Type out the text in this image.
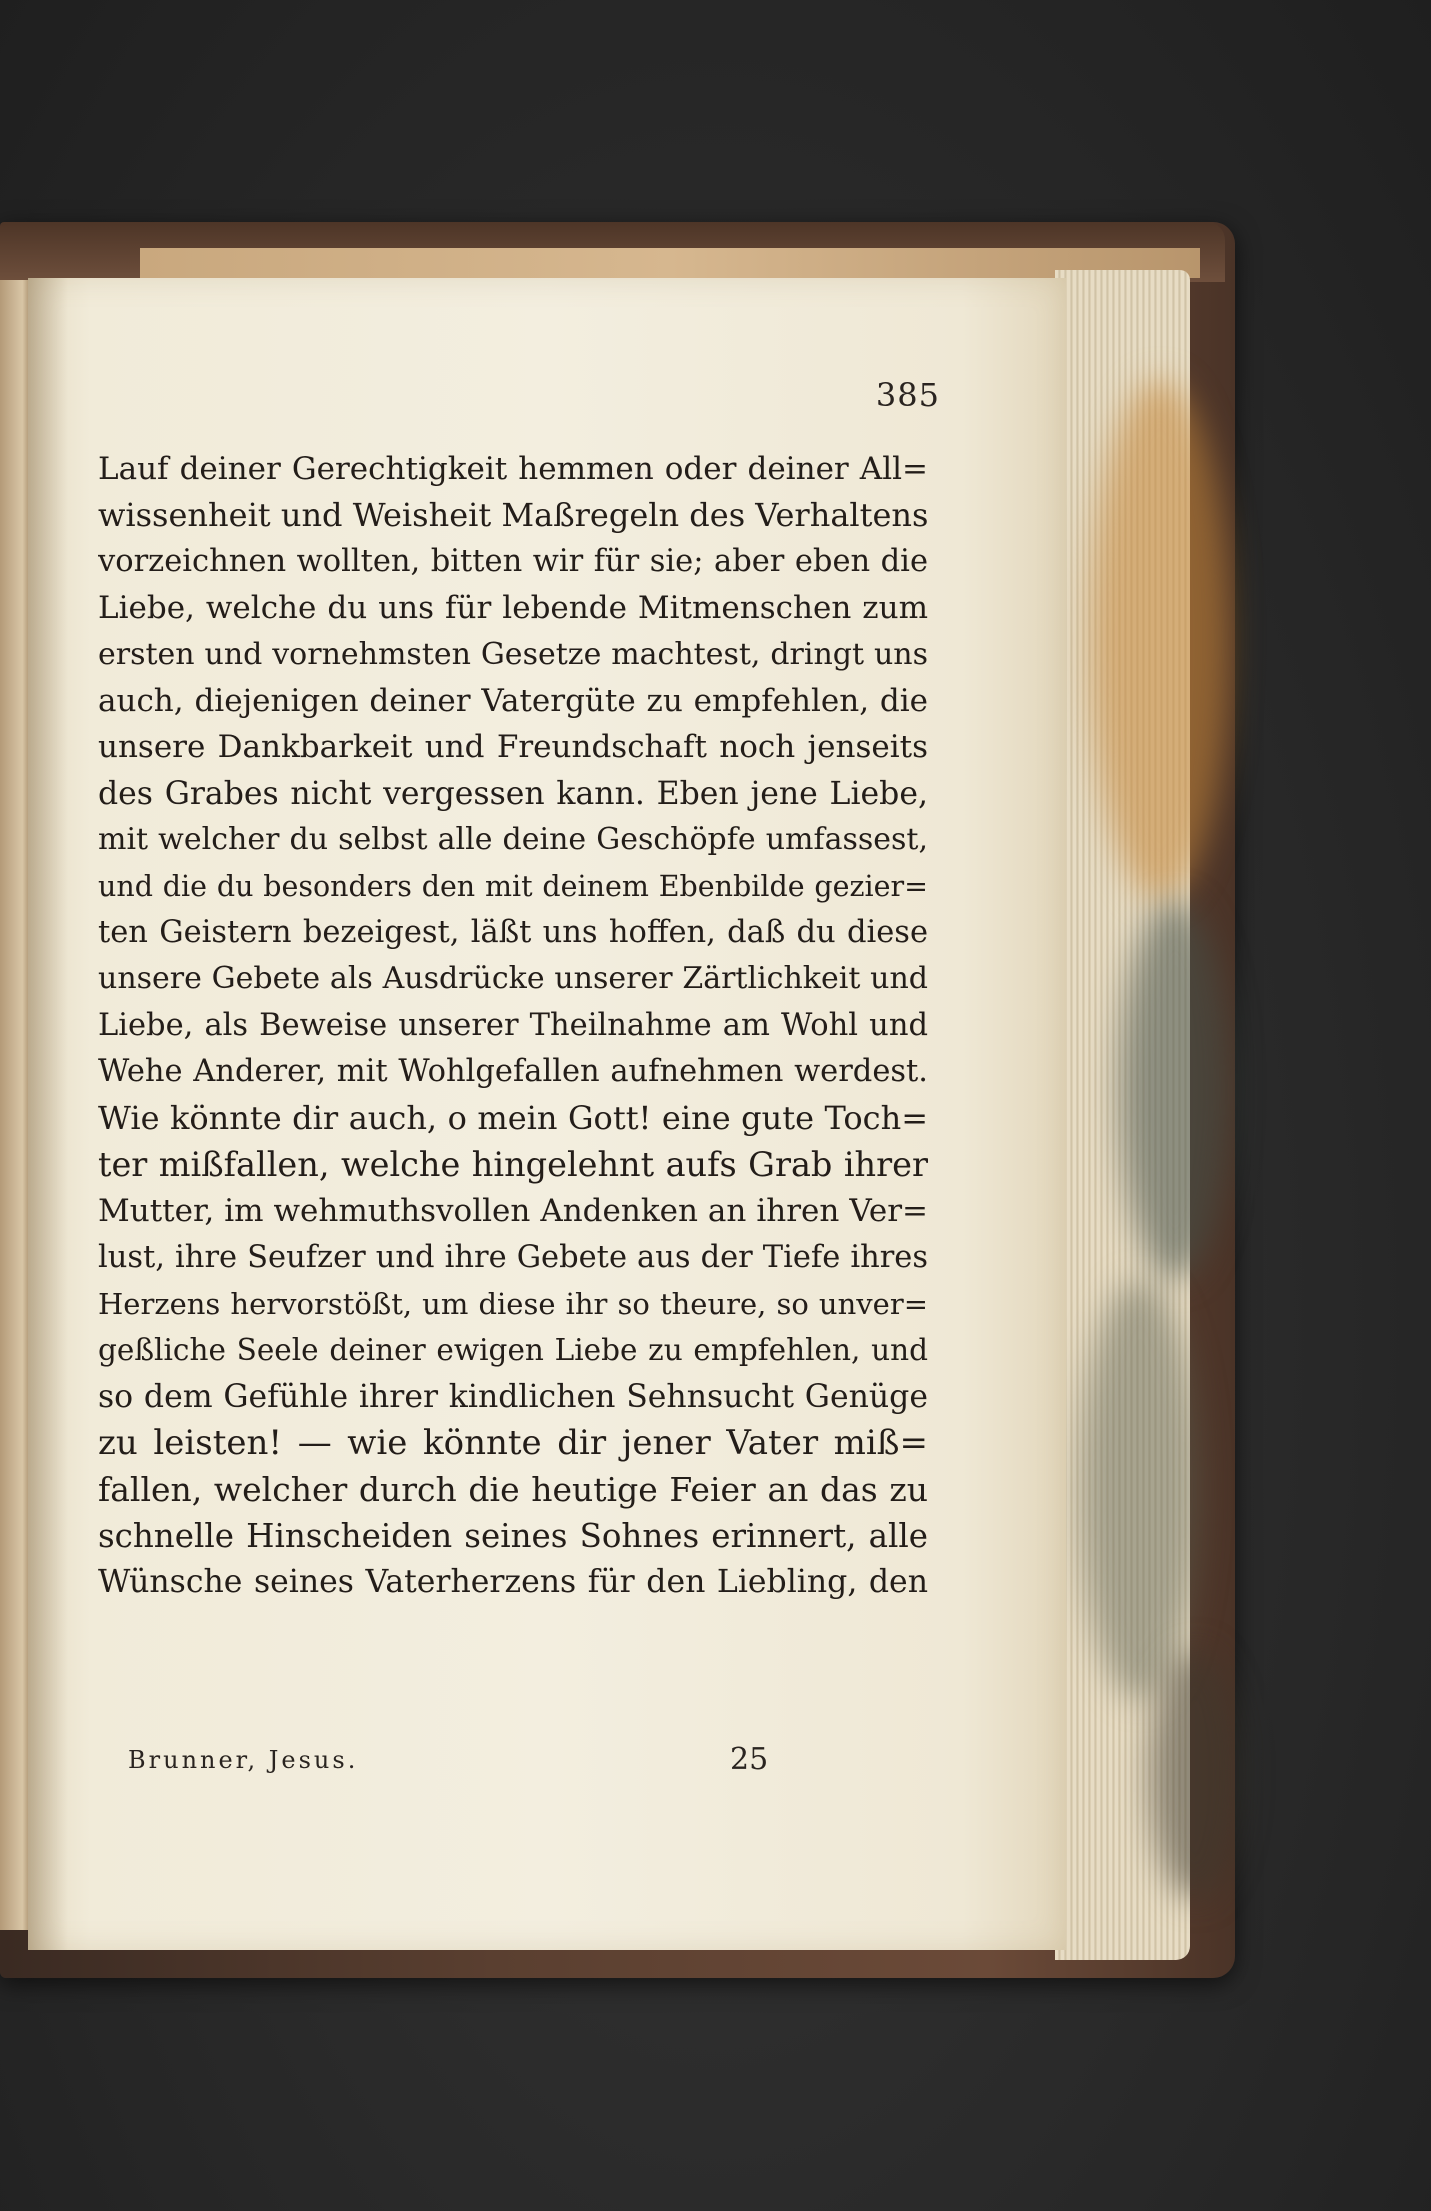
385
Lauf deiner Gerechtigkeit hemmen oder deiner All=
wissenheit und Weisheit Maßregeln des Verhaltens
vorzeichnen wollten, bitten wir für sie; aber eben die
Liebe, welche du uns für lebende Mitmenschen zum
ersten und vornehmsten Gesetze machtest, dringt uns
auch, diejenigen deiner Vatergüte zu empfehlen, die
unsere Dankbarkeit und Freundschaft noch jenseits
des Grabes nicht vergessen kann. Eben jene Liebe,
mit welcher du selbst alle deine Geschöpfe umfassest,
und die du besonders den mit deinem Ebenbilde gezier=
ten Geistern bezeigest, läßt uns hoffen, daß du diese
unsere Gebete als Ausdrücke unserer Zärtlichkeit und
Liebe, als Beweise unserer Theilnahme am Wohl und
Wehe Anderer, mit Wohlgefallen aufnehmen werdest.
Wie könnte dir auch, o mein Gott! eine gute Toch=
ter mißfallen, welche hingelehnt aufs Grab ihrer
Mutter, im wehmuthsvollen Andenken an ihren Ver=
lust, ihre Seufzer und ihre Gebete aus der Tiefe ihres
Herzens hervorstößt, um diese ihr so theure, so unver=
geßliche Seele deiner ewigen Liebe zu empfehlen, und
so dem Gefühle ihrer kindlichen Sehnsucht Genüge
zu leisten! — wie könnte dir jener Vater miß=
fallen, welcher durch die heutige Feier an das zu
schnelle Hinscheiden seines Sohnes erinnert, alle
Wünsche seines Vaterherzens für den Liebling, den
Brunner, Jesus.	25
